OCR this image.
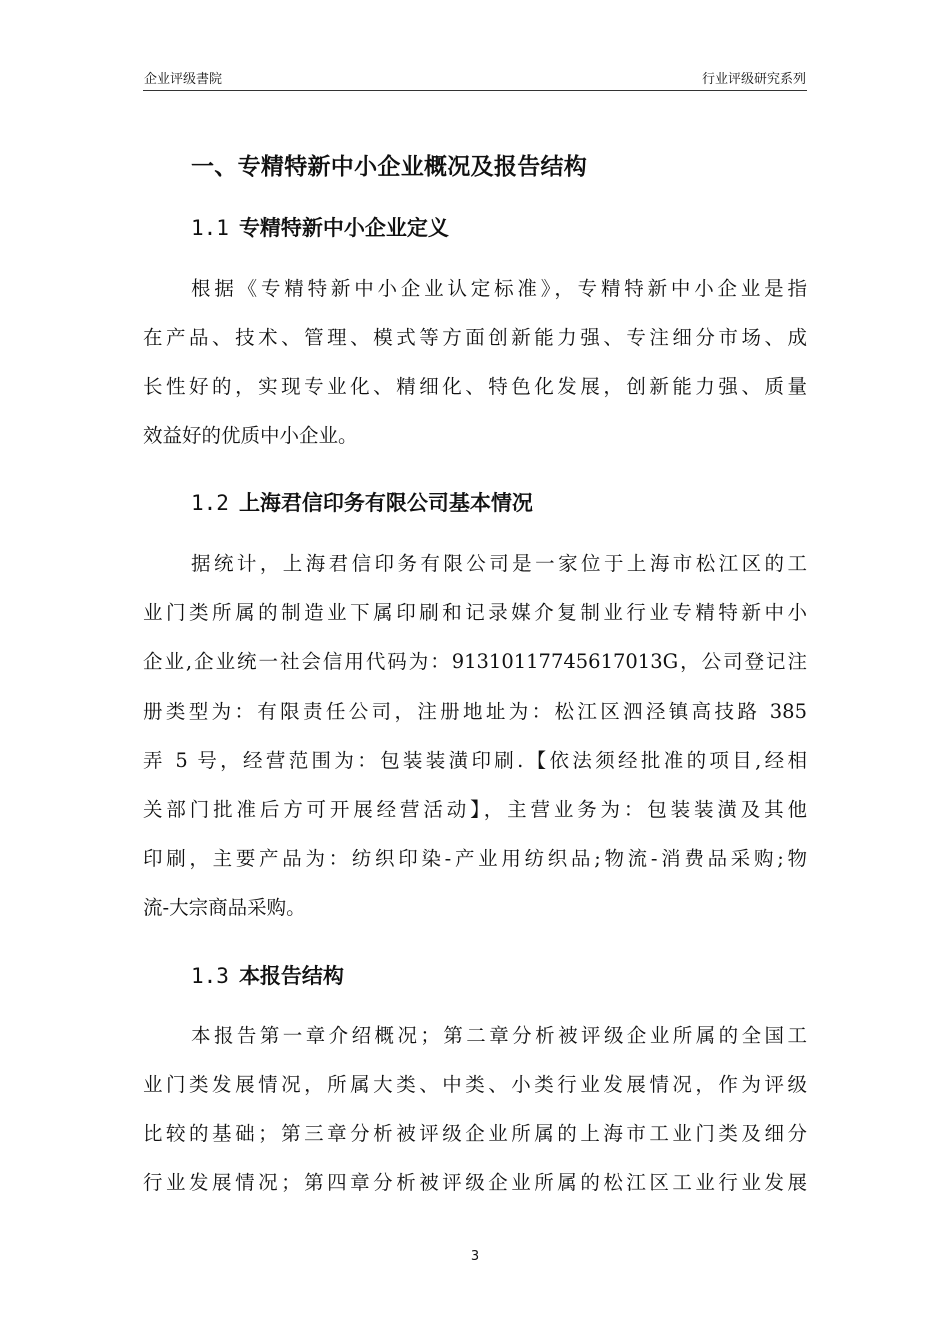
企业评级書院	行业评级研究系列
一、专精特新中小企业概况及报告结构
1.1 专精特新中小企业定义
根据《专精特新中小企业认定标准》，专精特新中小企业是指
在产品、技术、管理、模式等方面创新能力强、专注细分市场、成
长性好的，实现专业化、精细化、特色化发展，创新能力强、质量
效益好的优质中小企业。
1.2 上海君信印务有限公司基本情况
据统计，上海君信印务有限公司是一家位于上海市松江区的工
业门类所属的制造业下属印刷和记录媒介复制业行业专精特新中小
企业,企业统一社会信用代码为：91310117745617013G，公司登记注
册类型为：有限责任公司，注册地址为：松江区泗泾镇高技路 385
弄 5 号，经营范围为：包装装潢印刷.【依法须经批准的项目,经相
关部门批准后方可开展经营活动】，主营业务为：包装装潢及其他
印刷，主要产品为：纺织印染-产业用纺织品;物流-消费品采购;物
流-大宗商品采购。
1.3 本报告结构
本报告第一章介绍概况；第二章分析被评级企业所属的全国工
业门类发展情况，所属大类、中类、小类行业发展情况，作为评级
比较的基础；第三章分析被评级企业所属的上海市工业门类及细分
行业发展情况；第四章分析被评级企业所属的松江区工业行业发展
3
